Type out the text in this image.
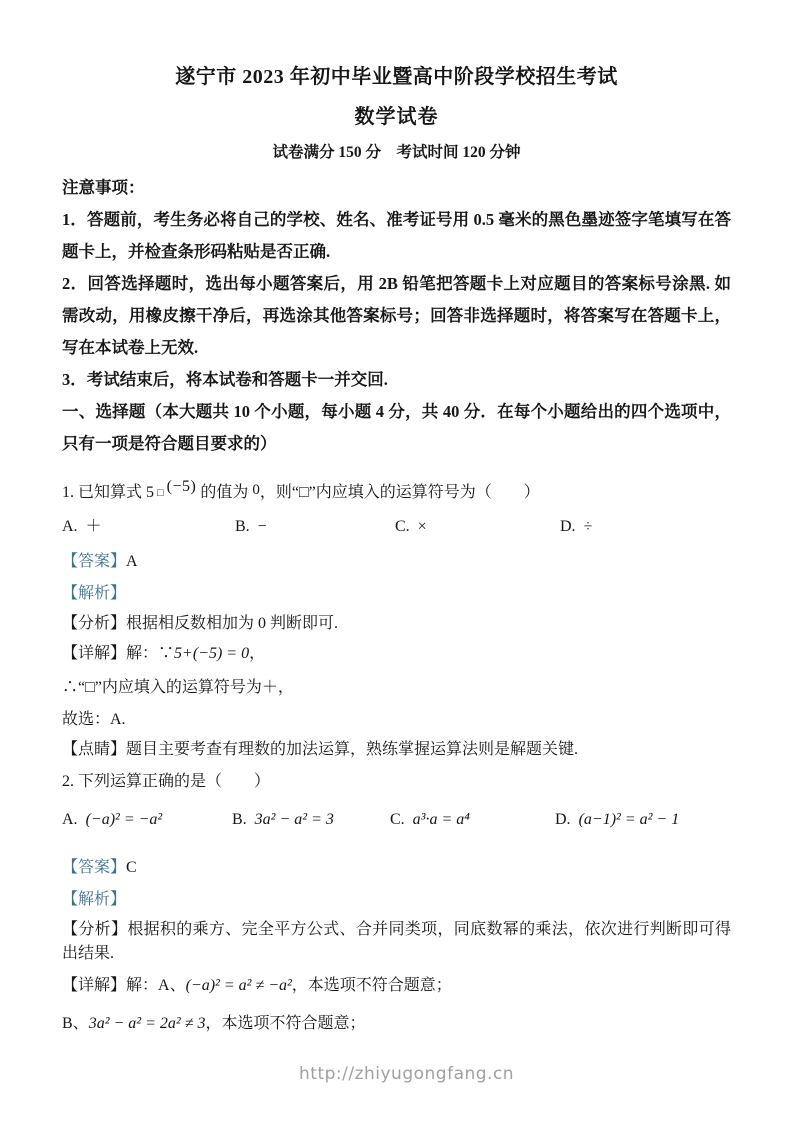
遂宁市 2023 年初中毕业暨高中阶段学校招生考试

数学试卷

试卷满分 150 分　考试时间 120 分钟

注意事项：

1．答题前，考生务必将自己的学校、姓名、准考证号用 0.5 毫米的黑色墨迹签字笔填写在答题卡上，并检查条形码粘贴是否正确.

2．回答选择题时，选出每小题答案后，用 2B 铅笔把答题卡上对应题目的答案标号涂黑. 如需改动，用橡皮擦干净后，再选涂其他答案标号；回答非选择题时，将答案写在答题卡上，写在本试卷上无效.

3．考试结束后，将本试卷和答题卡一并交回.

一、选择题（本大题共 10 个小题，每小题 4 分，共 40 分．在每个小题给出的四个选项中，只有一项是符合题目要求的）

1. 已知算式 5 □ (−5) 的值为 0，则“□”内应填入的运算符号为（　　）

A. ＋	B. −	C. ×	D. ÷

【答案】A

【解析】

【分析】根据相反数相加为 0 判断即可.

【详解】解：∵5+(−5) = 0，

∴“□”内应填入的运算符号为＋，

故选：A.

【点睛】题目主要考查有理数的加法运算，熟练掌握运算法则是解题关键.

2. 下列运算正确的是（　　）

A. (−a)² = −a²	B. 3a² − a² = 3	C. a³·a = a⁴	D. (a−1)² = a² − 1

【答案】C

【解析】

【分析】根据积的乘方、完全平方公式、合并同类项，同底数幂的乘法，依次进行判断即可得出结果.

【详解】解：A、(−a)² = a² ≠ −a²，本选项不符合题意；

B、3a² − a² = 2a² ≠ 3，本选项不符合题意；

http://zhiyugongfang.cn
